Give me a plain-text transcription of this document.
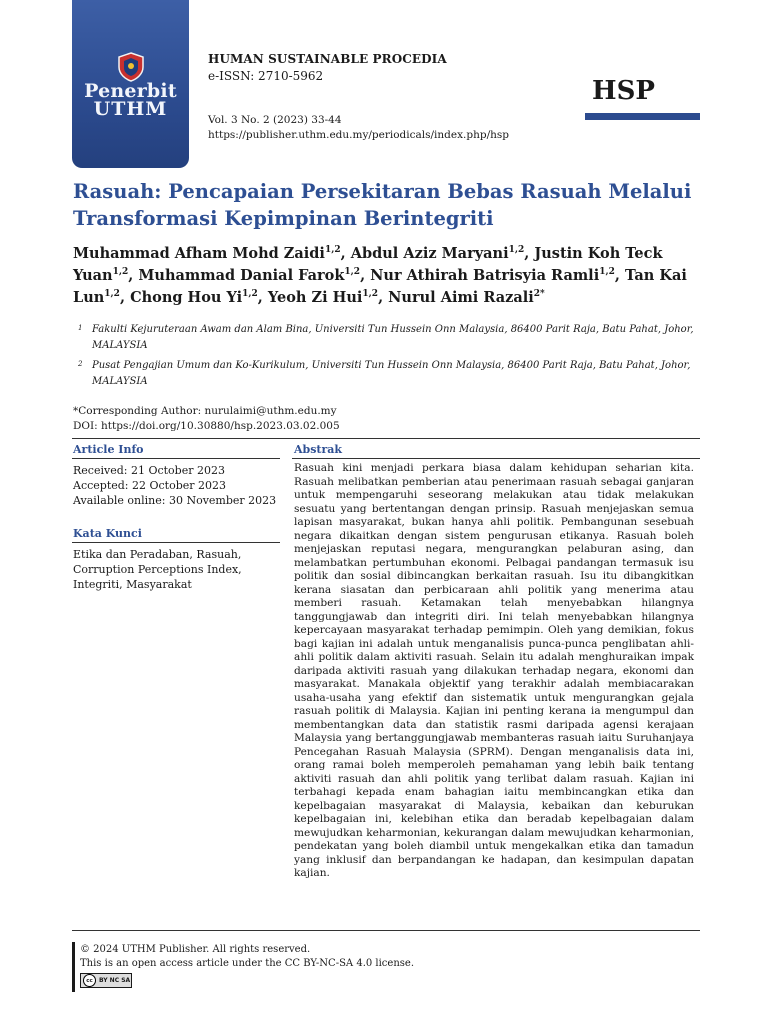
Penerbit
UTHM
HUMAN SUSTAINABLE PROCEDIA
e-ISSN: 2710-5962
Vol. 3 No. 2 (2023) 33-44
https://publisher.uthm.edu.my/periodicals/index.php/hsp
HSP
Rasuah: Pencapaian Persekitaran Bebas Rasuah Melalui Transformasi Kepimpinan Berintegriti
Muhammad Afham Mohd Zaidi$^{1,2}$, Abdul Aziz Maryani$^{1,2}$, Justin Koh Teck Yuan$^{1,2}$, Muhammad Danial Farok$^{1,2}$, Nur Athirah Batrisyia Ramli$^{1,2}$, Tan Kai Lun$^{1,2}$, Chong Hou Yi$^{1,2}$, Yeoh Zi Hui$^{1,2}$, Nurul Aimi Razali$^{2*}$
1 Fakulti Kejuruteraan Awam dan Alam Bina, Universiti Tun Hussein Onn Malaysia, 86400 Parit Raja, Batu Pahat, Johor, MALAYSIA
2 Pusat Pengajian Umum dan Ko-Kurikulum, Universiti Tun Hussein Onn Malaysia, 86400 Parit Raja, Batu Pahat, Johor, MALAYSIA
*Corresponding Author: nurulaimi@uthm.edu.my
DOI: https://doi.org/10.30880/hsp.2023.03.02.005
Article Info
Received: 21 October 2023
Accepted: 22 October 2023
Available online: 30 November 2023
Kata Kunci
Etika dan Peradaban, Rasuah,
Corruption Perceptions Index,
Integriti, Masyarakat
Abstrak
Rasuah kini menjadi perkara biasa dalam kehidupan seharian kita. Rasuah melibatkan pemberian atau penerimaan rasuah sebagai ganjaran untuk mempengaruhi seseorang melakukan atau tidak melakukan sesuatu yang bertentangan dengan prinsip. Rasuah menjejaskan semua lapisan masyarakat, bukan hanya ahli politik. Pembangunan sesebuah negara dikaitkan dengan sistem pengurusan etikanya. Rasuah boleh menjejaskan reputasi negara, mengurangkan pelaburan asing, dan melambatkan pertumbuhan ekonomi. Pelbagai pandangan termasuk isu politik dan sosial dibincangkan berkaitan rasuah. Isu itu dibangkitkan kerana siasatan dan perbicaraan ahli politik yang menerima atau memberi rasuah. Ketamakan telah menyebabkan hilangnya tanggungjawab dan integriti diri. Ini telah menyebabkan hilangnya kepercayaan masyarakat terhadap pemimpin. Oleh yang demikian, fokus bagi kajian ini adalah untuk menganalisis punca-punca penglibatan ahli-ahli politik dalam aktiviti rasuah. Selain itu adalah menghuraikan impak daripada aktiviti rasuah yang dilakukan terhadap negara, ekonomi dan masyarakat. Manakala objektif yang terakhir adalah membiacarakan usaha-usaha yang efektif dan sistematik untuk mengurangkan gejala rasuah politik di Malaysia. Kajian ini penting kerana ia mengumpul dan membentangkan data dan statistik rasmi daripada agensi kerajaan Malaysia yang bertanggungjawab membanteras rasuah iaitu Suruhanjaya Pencegahan Rasuah Malaysia (SPRM). Dengan menganalisis data ini, orang ramai boleh memperoleh pemahaman yang lebih baik tentang aktiviti rasuah dan ahli politik yang terlibat dalam rasuah. Kajian ini terbahagi kepada enam bahagian iaitu membincangkan etika dan kepelbagaian masyarakat di Malaysia, kebaikan dan keburukan kepelbagaian ini, kelebihan etika dan beradab kepelbagaian dalam mewujudkan keharmonian, kekurangan dalam mewujudkan keharmonian, pendekatan yang boleh diambil untuk mengekalkan etika dan tamadun yang inklusif dan berpandangan ke hadapan, dan kesimpulan dapatan kajian.
© 2024 UTHM Publisher. All rights reserved.
This is an open access article under the CC BY-NC-SA 4.0 license.
cc	BY NC SA
